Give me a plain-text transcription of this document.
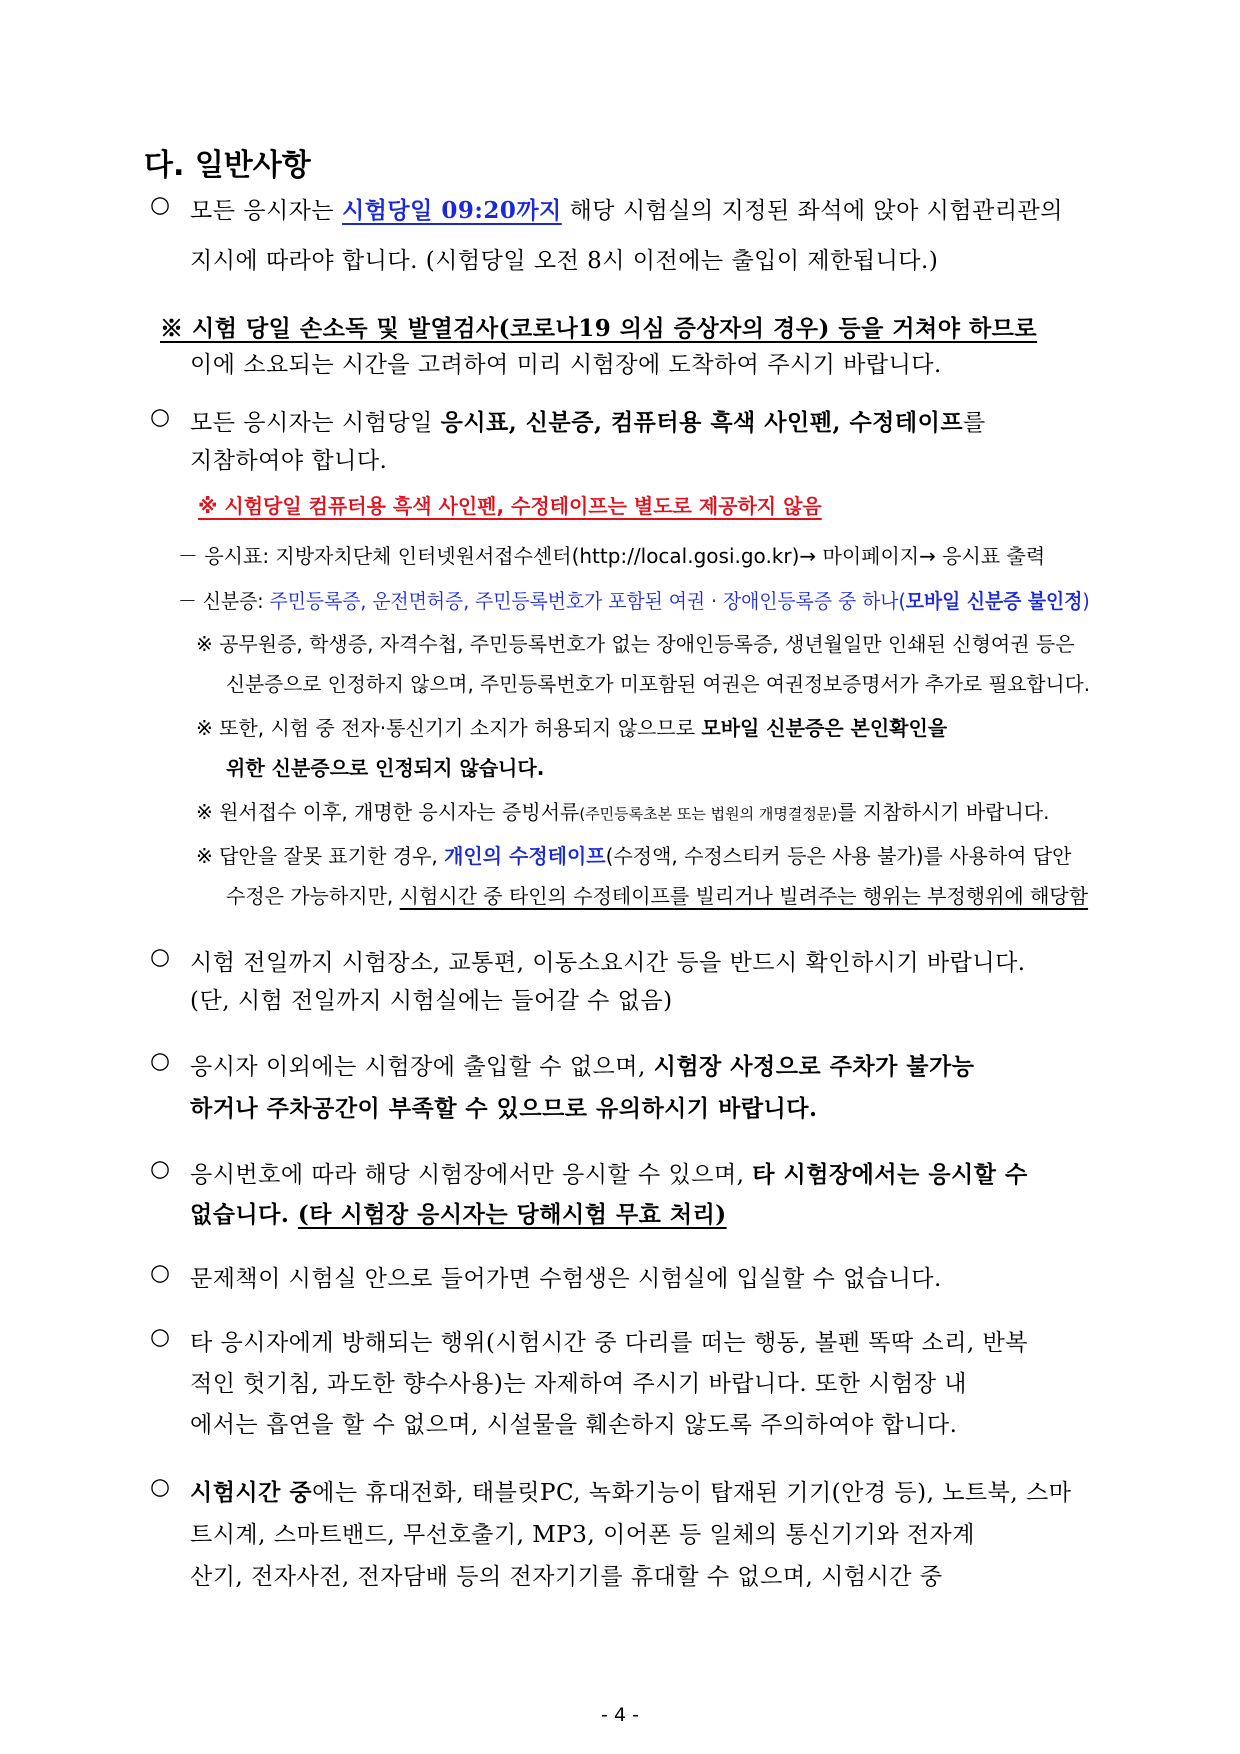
다. 일반사항
○ 모든 응시자는 시험당일 09:20까지 해당 시험실의 지정된 좌석에 앉아 시험관리관의

지시에 따라야 합니다. (시험당일 오전 8시 이전에는 출입이 제한됩니다.)

※ 시험 당일 손소독 및 발열검사(코로나19 의심 증상자의 경우) 등을 거쳐야 하므로

이에 소요되는 시간을 고려하여 미리 시험장에 도착하여 주시기 바랍니다.

○ 모든 응시자는 시험당일 응시표, 신분증, 컴퓨터용 흑색 사인펜, 수정테이프를

지참하여야 합니다.

※ 시험당일 컴퓨터용 흑색 사인펜, 수정테이프는 별도로 제공하지 않음

－ 응시표: 지방자치단체 인터넷원서접수센터(http://local.gosi.go.kr)→ 마이페이지→ 응시표 출력

－ 신분증: 주민등록증, 운전면허증, 주민등록번호가 포함된 여권 · 장애인등록증 중 하나(모바일 신분증 불인정)

※ 공무원증, 학생증, 자격수첩, 주민등록번호가 없는 장애인등록증, 생년월일만 인쇄된 신형여권 등은

신분증으로 인정하지 않으며, 주민등록번호가 미포함된 여권은 여권정보증명서가 추가로 필요합니다.

※ 또한, 시험 중 전자·통신기기 소지가 허용되지 않으므로 모바일 신분증은 본인확인을

위한 신분증으로 인정되지 않습니다.

※ 원서접수 이후, 개명한 응시자는 증빙서류(주민등록초본 또는 법원의 개명결정문)를 지참하시기 바랍니다.

※ 답안을 잘못 표기한 경우, 개인의 수정테이프(수정액, 수정스티커 등은 사용 불가)를 사용하여 답안

수정은 가능하지만, 시험시간 중 타인의 수정테이프를 빌리거나 빌려주는 행위는 부정행위에 해당함

○ 시험 전일까지 시험장소, 교통편, 이동소요시간 등을 반드시 확인하시기 바랍니다.

(단, 시험 전일까지 시험실에는 들어갈 수 없음)

○ 응시자 이외에는 시험장에 출입할 수 없으며, 시험장 사정으로 주차가 불가능

하거나 주차공간이 부족할 수 있으므로 유의하시기 바랍니다.

○ 응시번호에 따라 해당 시험장에서만 응시할 수 있으며, 타 시험장에서는 응시할 수

없습니다. (타 시험장 응시자는 당해시험 무효 처리)

○ 문제책이 시험실 안으로 들어가면 수험생은 시험실에 입실할 수 없습니다.

○ 타 응시자에게 방해되는 행위(시험시간 중 다리를 떠는 행동, 볼펜 똑딱 소리, 반복

적인 헛기침, 과도한 향수사용)는 자제하여 주시기 바랍니다. 또한 시험장 내

에서는 흡연을 할 수 없으며, 시설물을 훼손하지 않도록 주의하여야 합니다.

○ 시험시간 중에는 휴대전화, 태블릿PC, 녹화기능이 탑재된 기기(안경 등), 노트북, 스마

트시계, 스마트밴드, 무선호출기, MP3, 이어폰 등 일체의 통신기기와 전자계

산기, 전자사전, 전자담배 등의 전자기기를 휴대할 수 없으며, 시험시간 중

- 4 -
